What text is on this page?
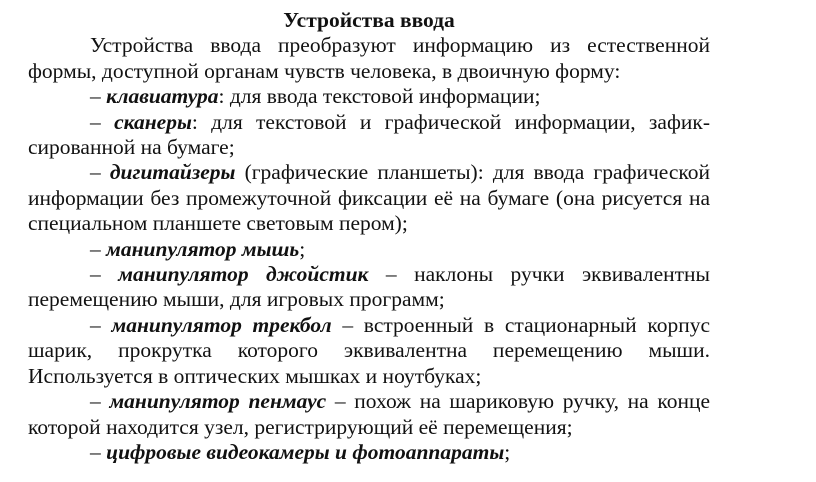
Устройства ввода

Устройства ввода преобразуют информацию из естественной формы, доступной органам чувств человека, в двоичную форму:

– клавиатура: для ввода текстовой информации;

– сканеры: для текстовой и графической информации, зафиксированной на бумаге;

– дигитайзеры (графические планшеты): для ввода графической информации без промежуточной фиксации её на бумаге (она рисуется на специальном планшете световым пером);

– манипулятор мышь;

– манипулятор джойстик – наклоны ручки эквивалентны перемещению мыши, для игровых программ;

– манипулятор трекбол – встроенный в стационарный корпус шарик, прокрутка которого эквивалентна перемещению мыши. Используется в оптических мышках и ноутбуках;

– манипулятор пенмаус – похож на шариковую ручку, на конце которой находится узел, регистрирующий её перемещения;

– цифровые видеокамеры и фотоаппараты;
